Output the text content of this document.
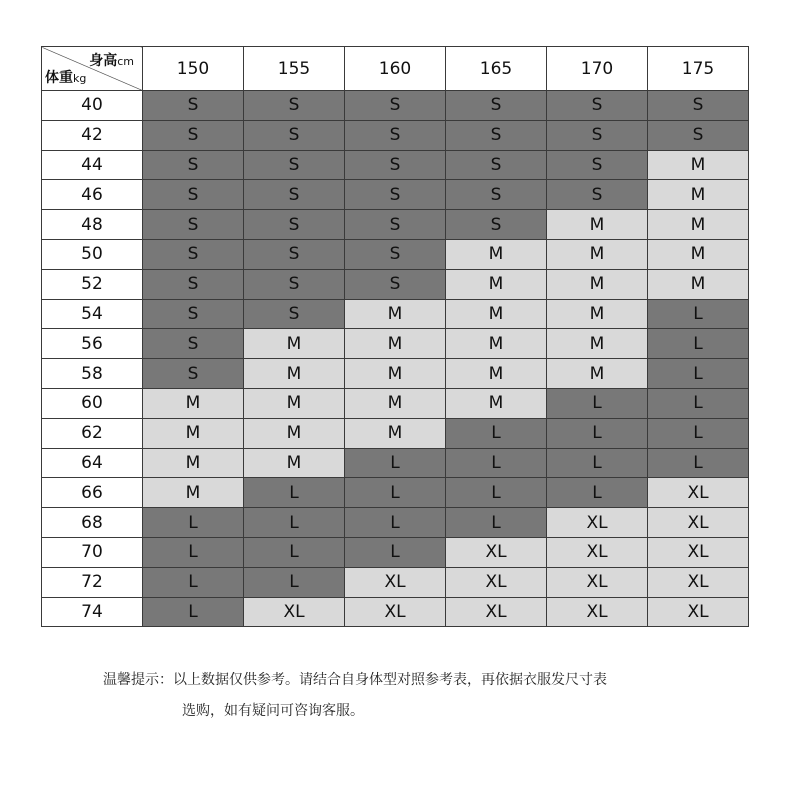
身高cm
体重kg	150	155	160	165	170	175
40	S	S	S	S	S	S
42	S	S	S	S	S	S
44	S	S	S	S	S	M
46	S	S	S	S	S	M
48	S	S	S	S	M	M
50	S	S	S	M	M	M
52	S	S	S	M	M	M
54	S	S	M	M	M	L
56	S	M	M	M	M	L
58	S	M	M	M	M	L
60	M	M	M	M	L	L
62	M	M	M	L	L	L
64	M	M	L	L	L	L
66	M	L	L	L	L	XL
68	L	L	L	L	XL	XL
70	L	L	L	XL	XL	XL
72	L	L	XL	XL	XL	XL
74	L	XL	XL	XL	XL	XL
温馨提示：以上数据仅供参考。请结合自身体型对照参考表，再依据衣服发尺寸表
选购，如有疑问可咨询客服。
